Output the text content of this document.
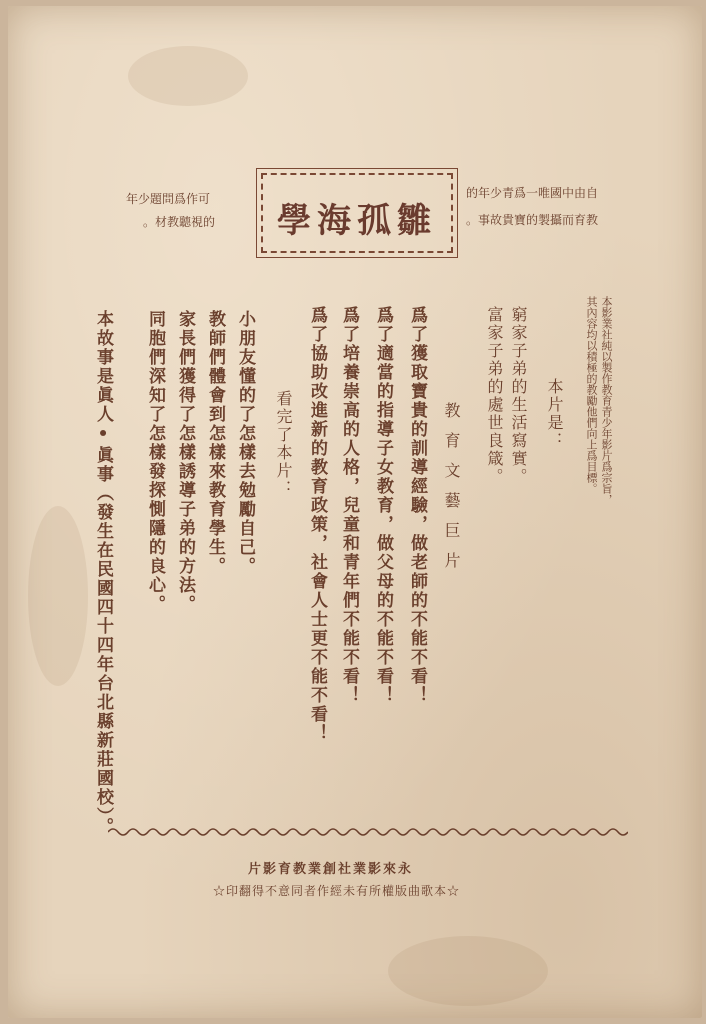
學海孤雛
自由中國唯一爲青少年的
教育而攝製的寶貴故事。
可作爲問題少年
的視聽教材。
本影業社純以製作教育青少年影片爲宗旨，
其內容均以積極的教勵他們向上爲目標。
本片是：
窮家子弟的生活寫實。
富家子弟的處世良箴。
教育文藝巨片
爲了獲取寶貴的訓導經驗，做老師的不能不看！
爲了適當的指導子女教育，做父母的不能不看！
爲了培養崇高的人格，兒童和青年們不能不看！
爲了協助改進新的教育政策，社會人士更不能不看！
看完了本片：
小朋友懂的了怎樣去勉勵自己。
教師們體會到怎樣來教育學生。
家長們獲得了怎樣誘導子弟的方法。
同胞們深知了怎樣發探惻隱的良心。
本故事是眞人•眞事（發生在民國四十四年台北縣新莊國校）。
永來影業社創業教育影片
☆本歌曲版權所有未經作者同意不得翻印☆
